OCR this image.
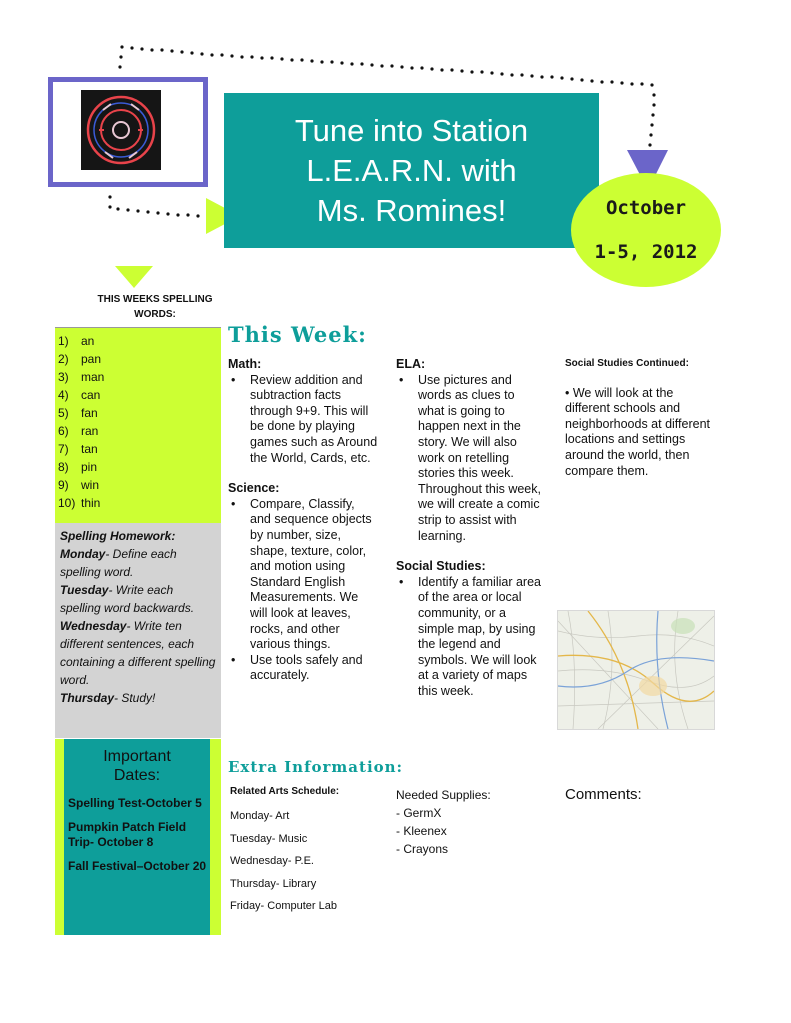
Tune into Station
L.E.A.R.N. with
Ms. Romines!	October
1-5, 2012
THIS WEEKS SPELLING
WORDS:
1) an
2) pan
3) man
4) can
5) fan
6) ran
7) tan
8) pin
9) win
10) thin
Spelling Homework:
Monday- Define each spelling word.
Tuesday- Write each spelling word backwards.
Wednesday- Write ten different sentences, each containing a different spelling word.
Thursday- Study!
Important
Dates:
Spelling Test-October 5
Pumpkin Patch Field Trip- October 8
Fall Festival–October 20
This Week:
Math:
• Review addition and subtraction facts through 9+9. This will be done by playing games such as Around the World, Cards, etc.
Science:
• Compare, Classify, and sequence objects by number, size, shape, texture, color, and motion using Standard English Measurements. We will look at leaves, rocks, and other various things.
• Use tools safely and accurately.
ELA:
• Use pictures and words as clues to what is going to happen next in the story. We will also work on retelling stories this week. Throughout this week, we will create a comic strip to assist with learning.
Social Studies:
• Identify a familiar area of the area or local community, or a simple map, by using the legend and symbols. We will look at a variety of maps this week.
Social Studies Continued:
• We will look at the different schools and neighborhoods at different locations and settings around the world, then compare them.
Extra Information:
Related Arts Schedule:
Monday- Art
Tuesday- Music
Wednesday- P.E.
Thursday- Library
Friday- Computer Lab
Needed Supplies:
- GermX
- Kleenex
- Crayons
Comments:
